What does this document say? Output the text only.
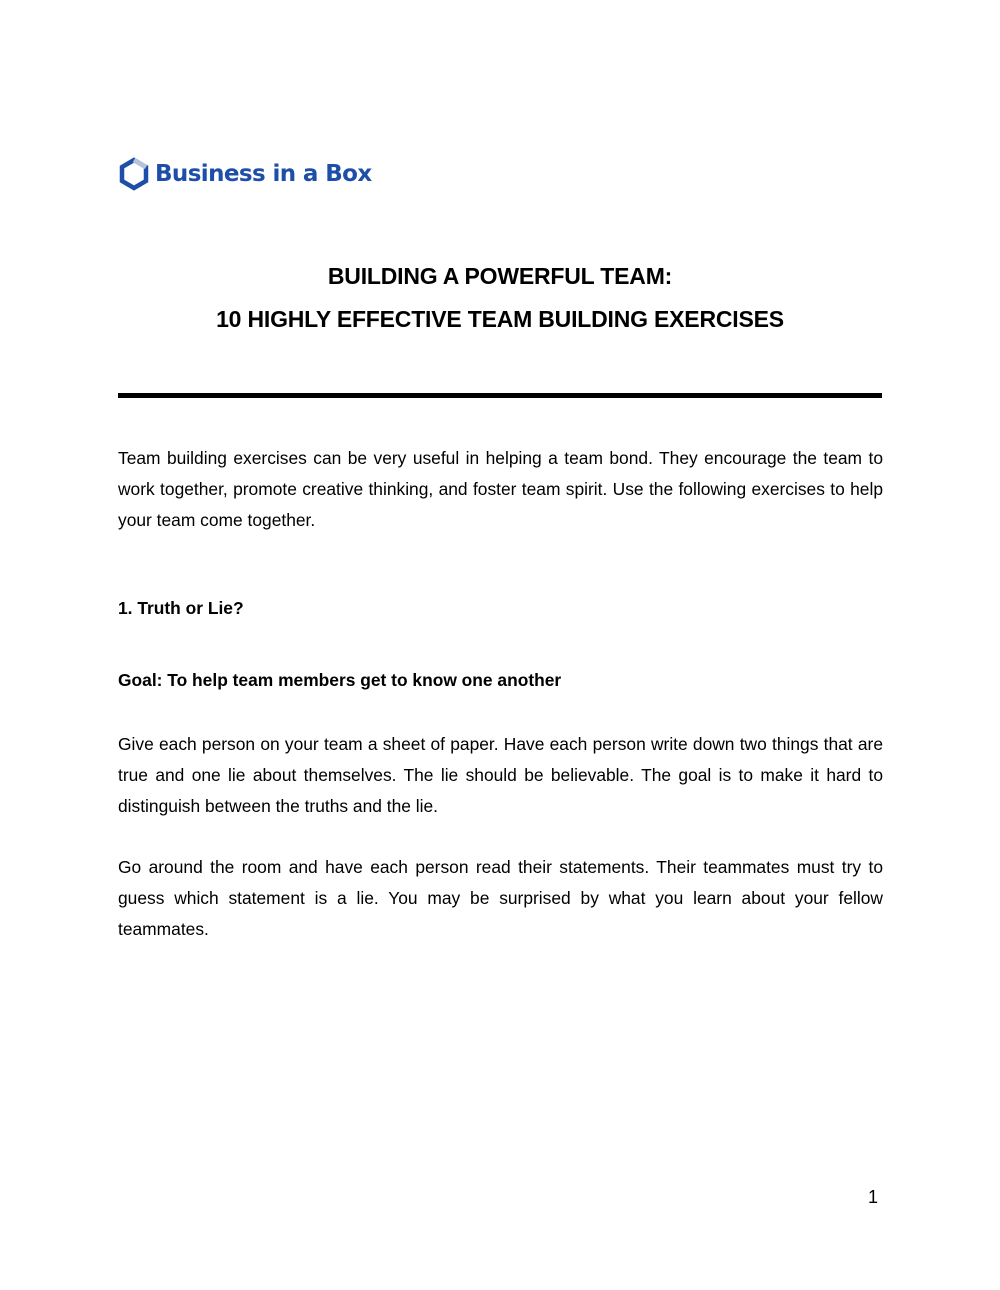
Business in a Box
BUILDING A POWERFUL TEAM:
10 HIGHLY EFFECTIVE TEAM BUILDING EXERCISES
Team building exercises can be very useful in helping a team bond. They encourage the team to work together, promote creative thinking, and foster team spirit. Use the following exercises to help your team come together.
1. Truth or Lie?
Goal: To help team members get to know one another
Give each person on your team a sheet of paper. Have each person write down two things that are true and one lie about themselves. The lie should be believable. The goal is to make it hard to distinguish between the truths and the lie.
Go around the room and have each person read their statements. Their teammates must try to guess which statement is a lie. You may be surprised by what you learn about your fellow teammates.
1
